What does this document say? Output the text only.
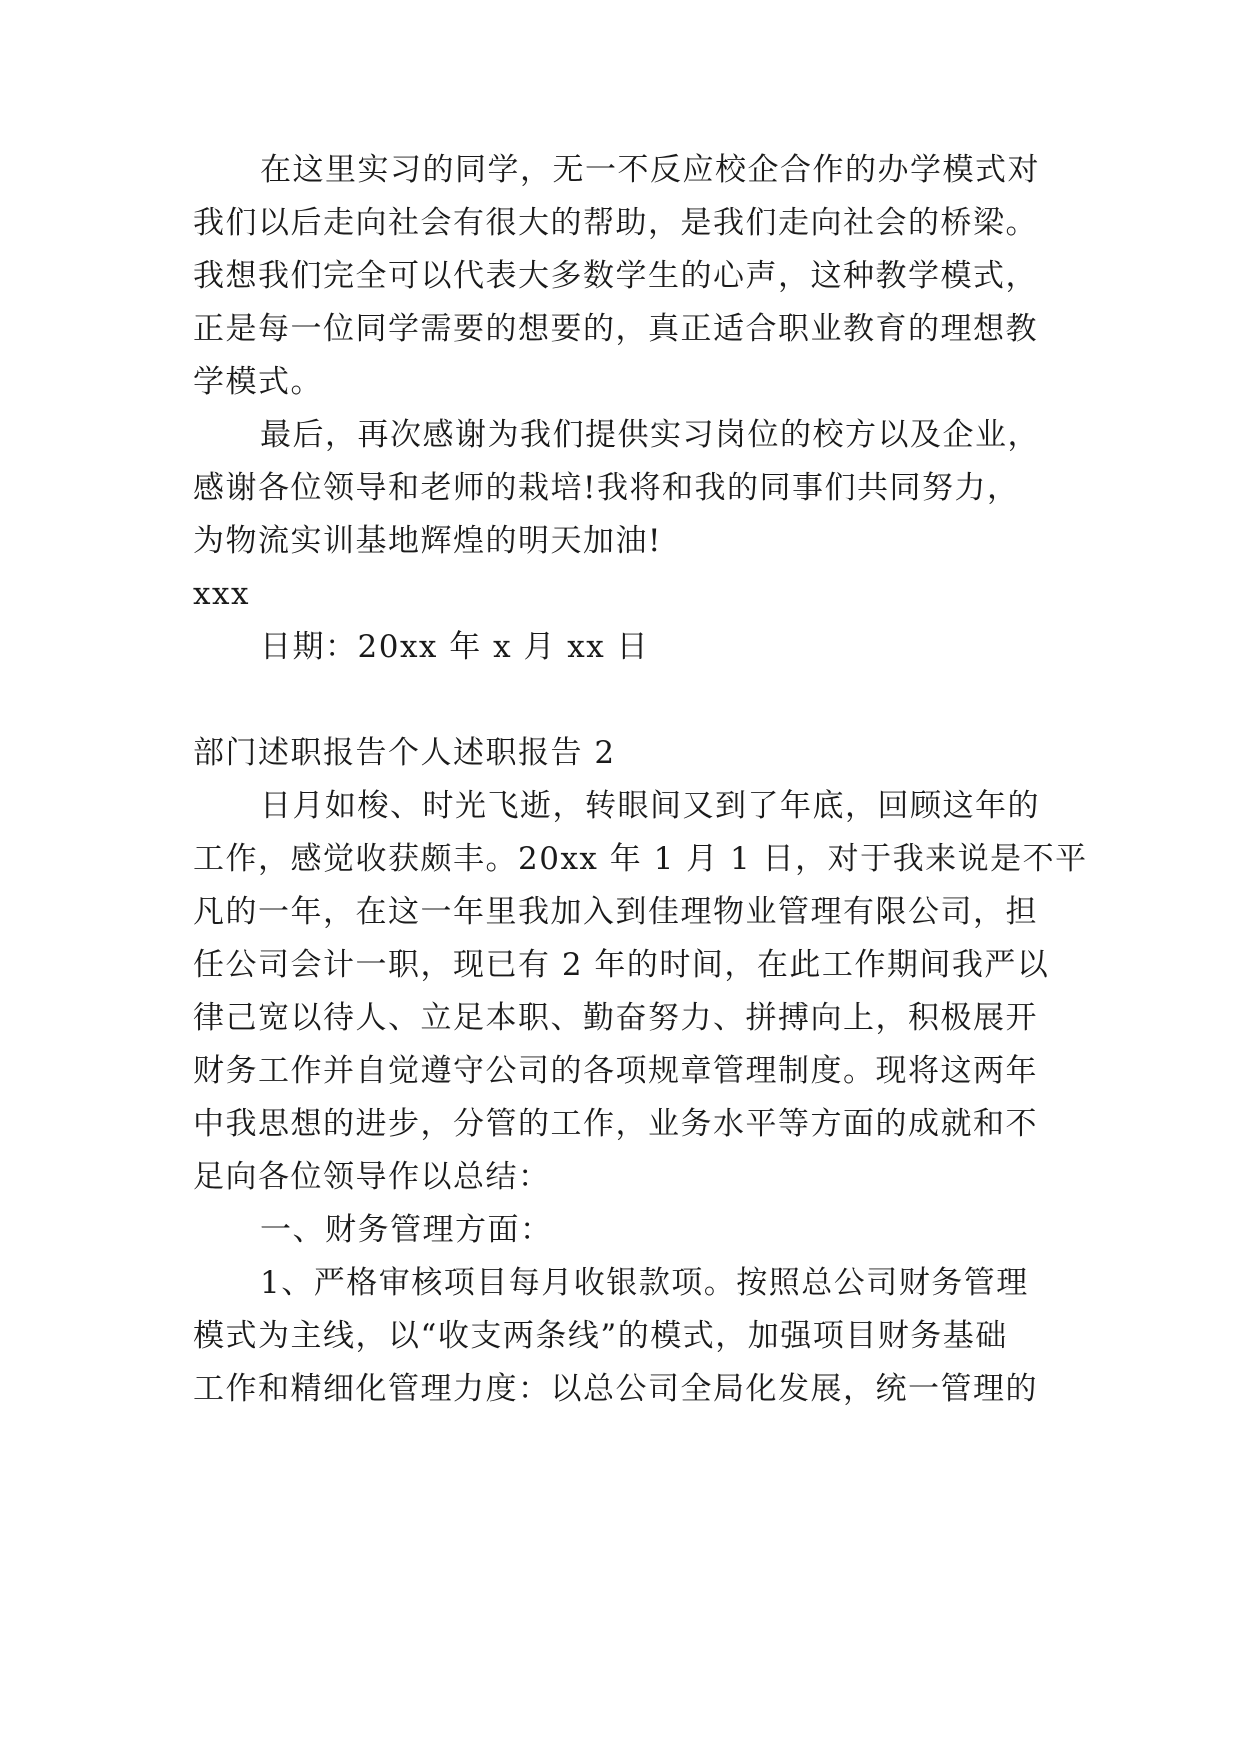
在这里实习的同学，无一不反应校企合作的办学模式对
我们以后走向社会有很大的帮助，是我们走向社会的桥梁。
我想我们完全可以代表大多数学生的心声，这种教学模式，
正是每一位同学需要的想要的，真正适合职业教育的理想教
学模式。
最后，再次感谢为我们提供实习岗位的校方以及企业，
感谢各位领导和老师的栽培!我将和我的同事们共同努力，
为物流实训基地辉煌的明天加油!
xxx
日期：20xx 年 x 月 xx 日
部门述职报告个人述职报告 2
日月如梭、时光飞逝，转眼间又到了年底，回顾这年的
工作，感觉收获颇丰。20xx 年 1 月 1 日，对于我来说是不平
凡的一年，在这一年里我加入到佳理物业管理有限公司，担
任公司会计一职，现已有 2 年的时间，在此工作期间我严以
律己宽以待人、立足本职、勤奋努力、拼搏向上，积极展开
财务工作并自觉遵守公司的各项规章管理制度。现将这两年
中我思想的进步，分管的工作，业务水平等方面的成就和不
足向各位领导作以总结：
一、财务管理方面：
1、严格审核项目每月收银款项。按照总公司财务管理
模式为主线，以“收支两条线”的模式，加强项目财务基础
工作和精细化管理力度：以总公司全局化发展，统一管理的
